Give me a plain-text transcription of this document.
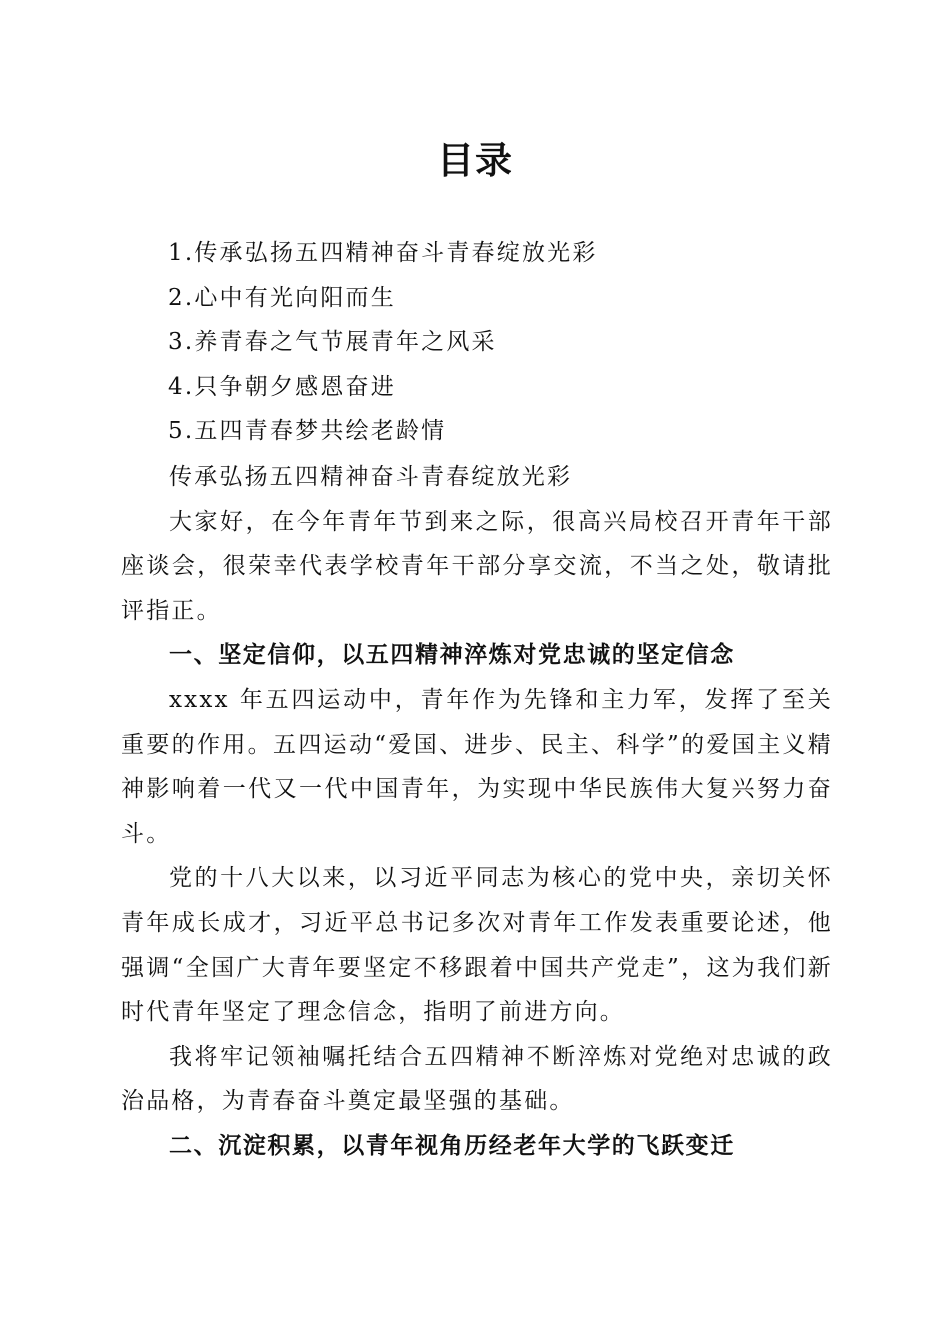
目录
1.传承弘扬五四精神奋斗青春绽放光彩
2.心中有光向阳而生
3.养青春之气节展青年之风采
4.只争朝夕感恩奋进
5.五四青春梦共绘老龄情
传承弘扬五四精神奋斗青春绽放光彩

大家好，在今年青年节到来之际，很高兴局校召开青年干部座谈会，很荣幸代表学校青年干部分享交流，不当之处，敬请批评指正。

一、坚定信仰，以五四精神淬炼对党忠诚的坚定信念

xxxx 年五四运动中，青年作为先锋和主力军，发挥了至关重要的作用。五四运动“爱国、进步、民主、科学”的爱国主义精神影响着一代又一代中国青年，为实现中华民族伟大复兴努力奋斗。

党的十八大以来，以习近平同志为核心的党中央，亲切关怀青年成长成才，习近平总书记多次对青年工作发表重要论述，他强调“全国广大青年要坚定不移跟着中国共产党走”，这为我们新时代青年坚定了理念信念，指明了前进方向。

我将牢记领袖嘱托结合五四精神不断淬炼对党绝对忠诚的政治品格，为青春奋斗奠定最坚强的基础。

二、沉淀积累，以青年视角历经老年大学的飞跃变迁
